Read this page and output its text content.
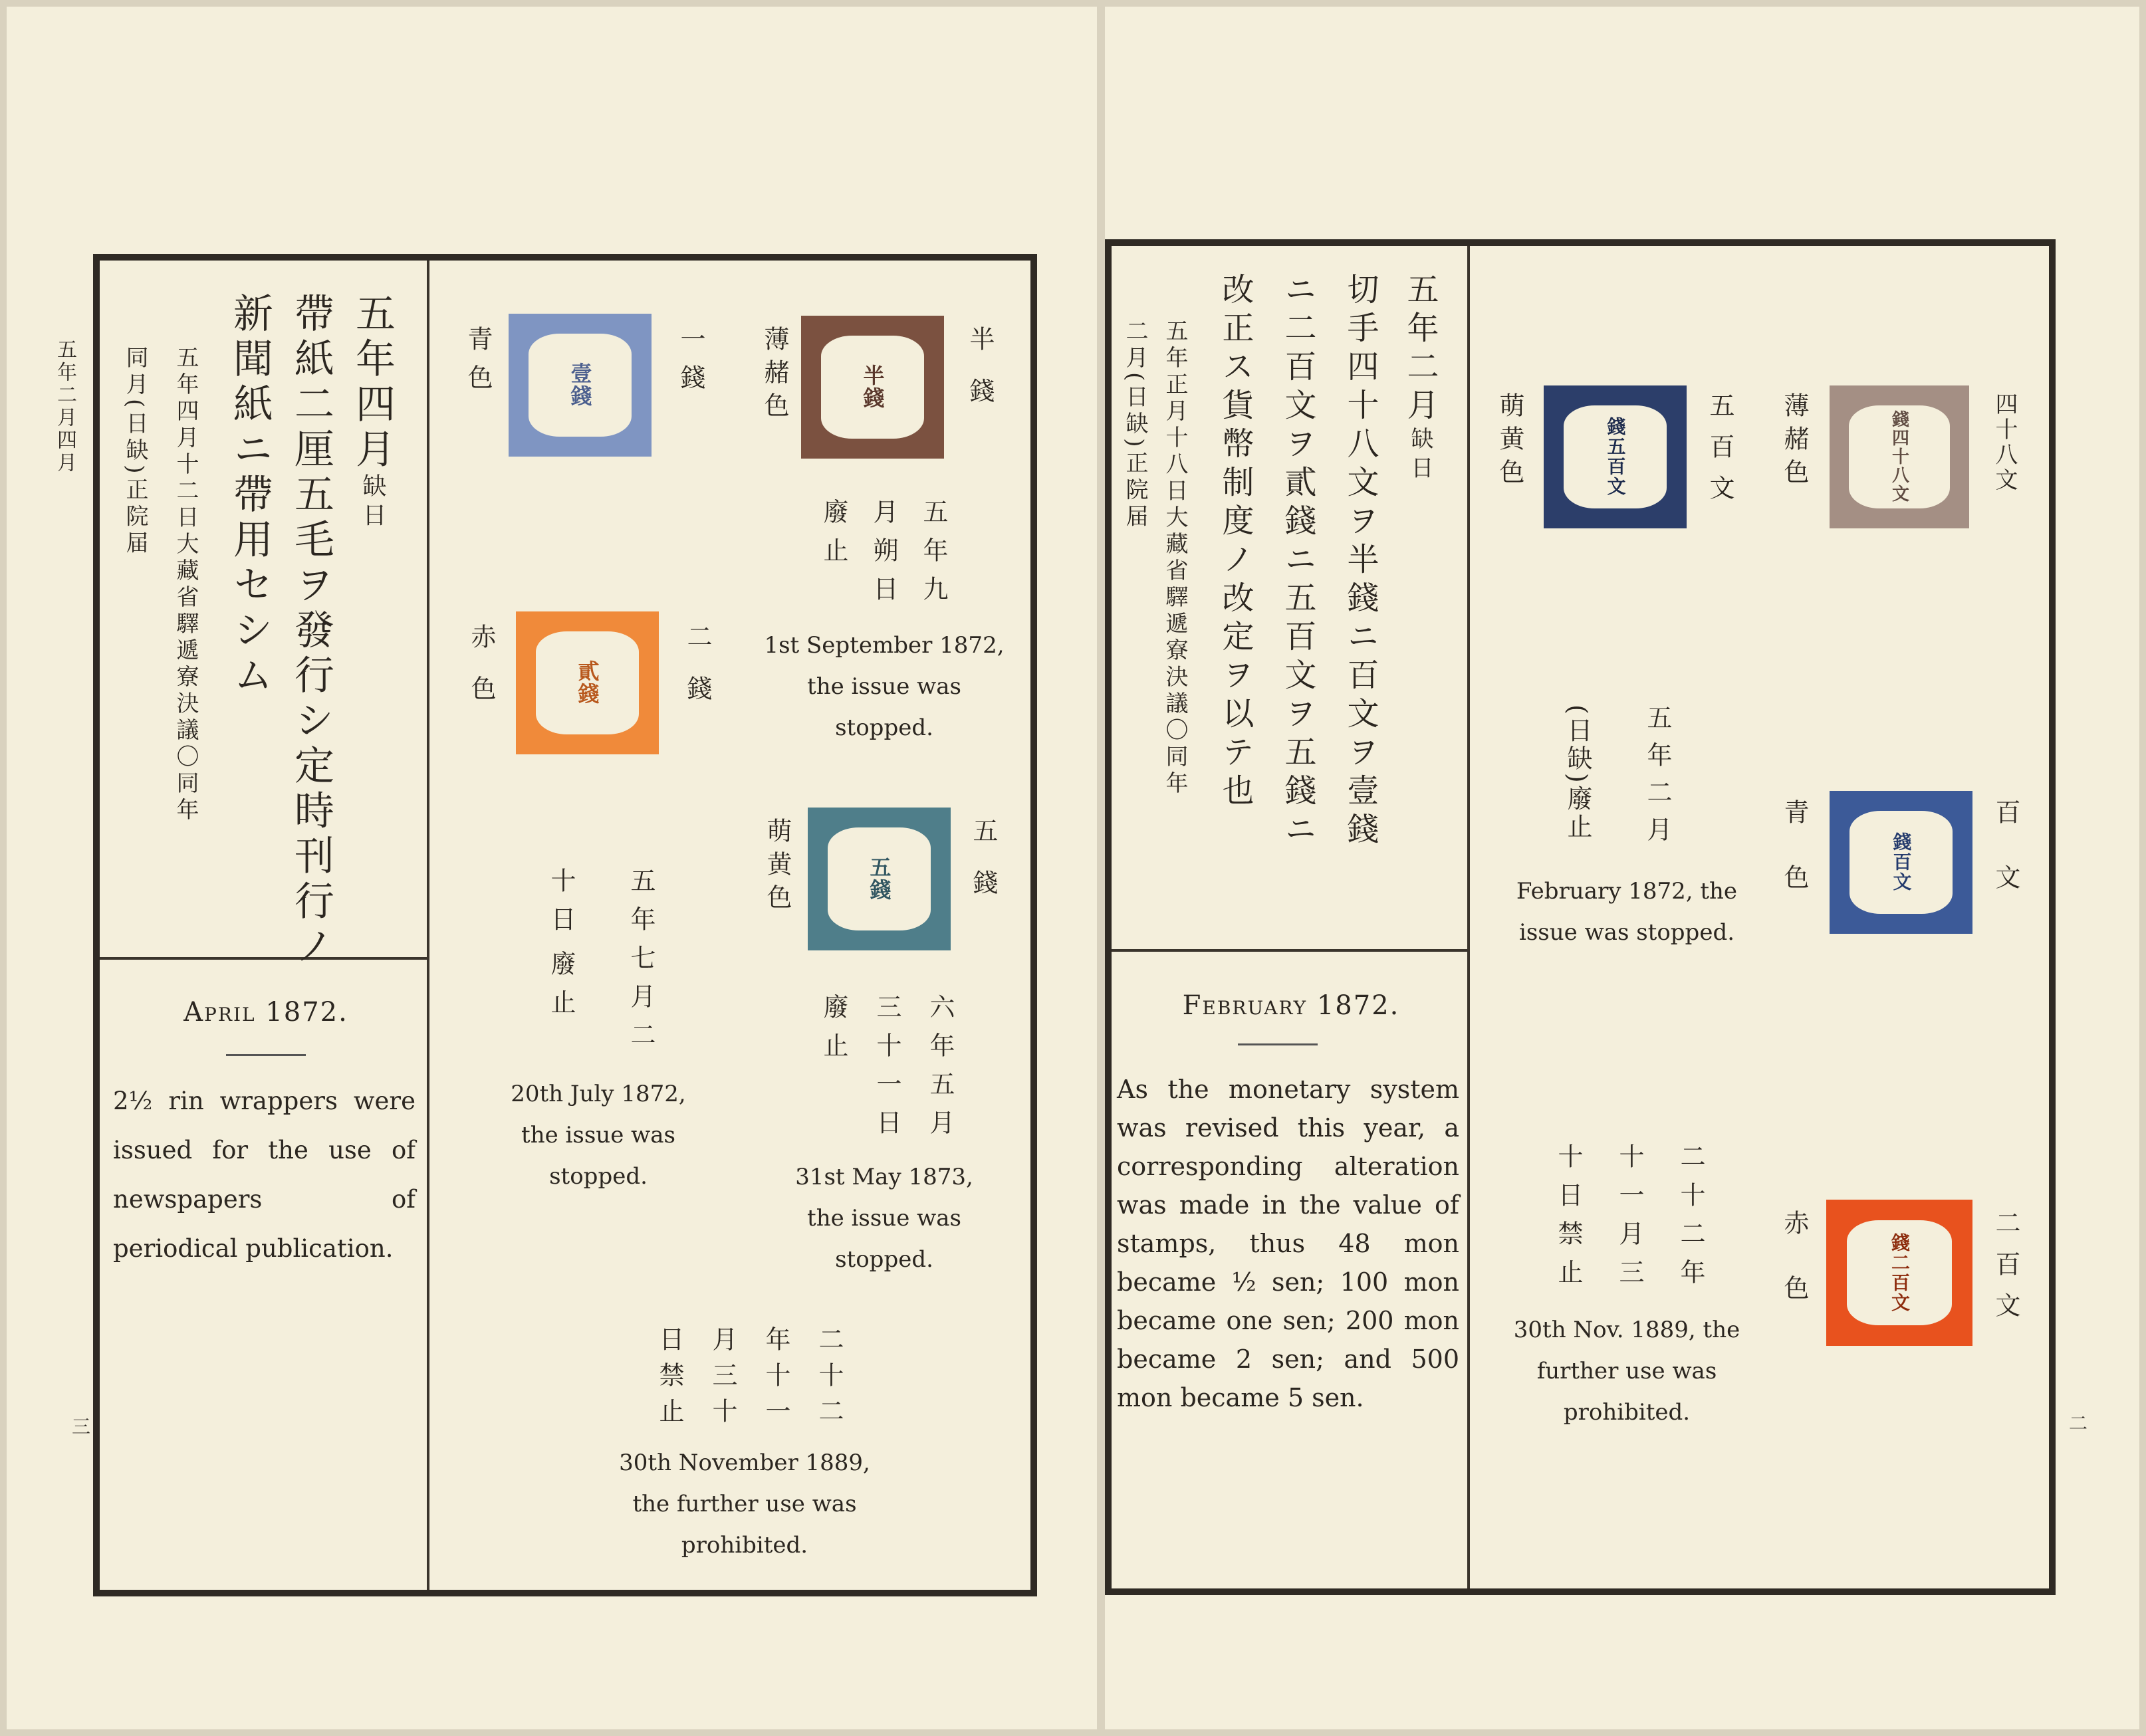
五年二月四月	五年四月缺日
帶紙二厘五毛ヲ發行シ定時刊行ノ
新聞紙ニ帶用セシム
五年四月十二日大藏省驛遞寮決議〇同年
同月(日缺)正院届
April 1872.
2½ rin wrappers were issued for the use of newspapers of periodical publication.
壹錢	一錢
青色
貳錢	二錢
赤色
半錢	半錢
薄赭色
五年九
月朔日
廢止
1st September 1872,
the issue was
stopped.
五錢	五錢
萌黄色
五年七月二
十日
廢止
20th July 1872,
the issue was
stopped.
六年五月
三十一日
廢止
31st May 1873,
the issue was
stopped.
二十二
年十一
月三十
日禁止
30th November 1889,
the further use was
prohibited.
三
五年二月缺日
切手四十八文ヲ半錢ニ百文ヲ壹錢
ニ二百文ヲ貳錢ニ五百文ヲ五錢ニ
改正ス貨幣制度ノ改定ヲ以テ也
五年正月十八日大藏省驛遞寮決議〇同年
二月(日缺)正院届
February 1872.
As the monetary system was revised this year, a corresponding alteration was made in the value of stamps, thus 48 mon became ½ sen; 100 mon became one sen; 200 mon became 2 sen; and 500 mon became 5 sen.
錢四十八文	四十八文
薄赭色
錢五百文	五百文
萌黄色
五年二月
(日缺)廢止
February 1872, the
issue was stopped.
錢百文	百文
青色
二十二年
十一月三
十日禁止
30th Nov. 1889, the
further use was
prohibited.
錢二百文	二百文
赤色
二
